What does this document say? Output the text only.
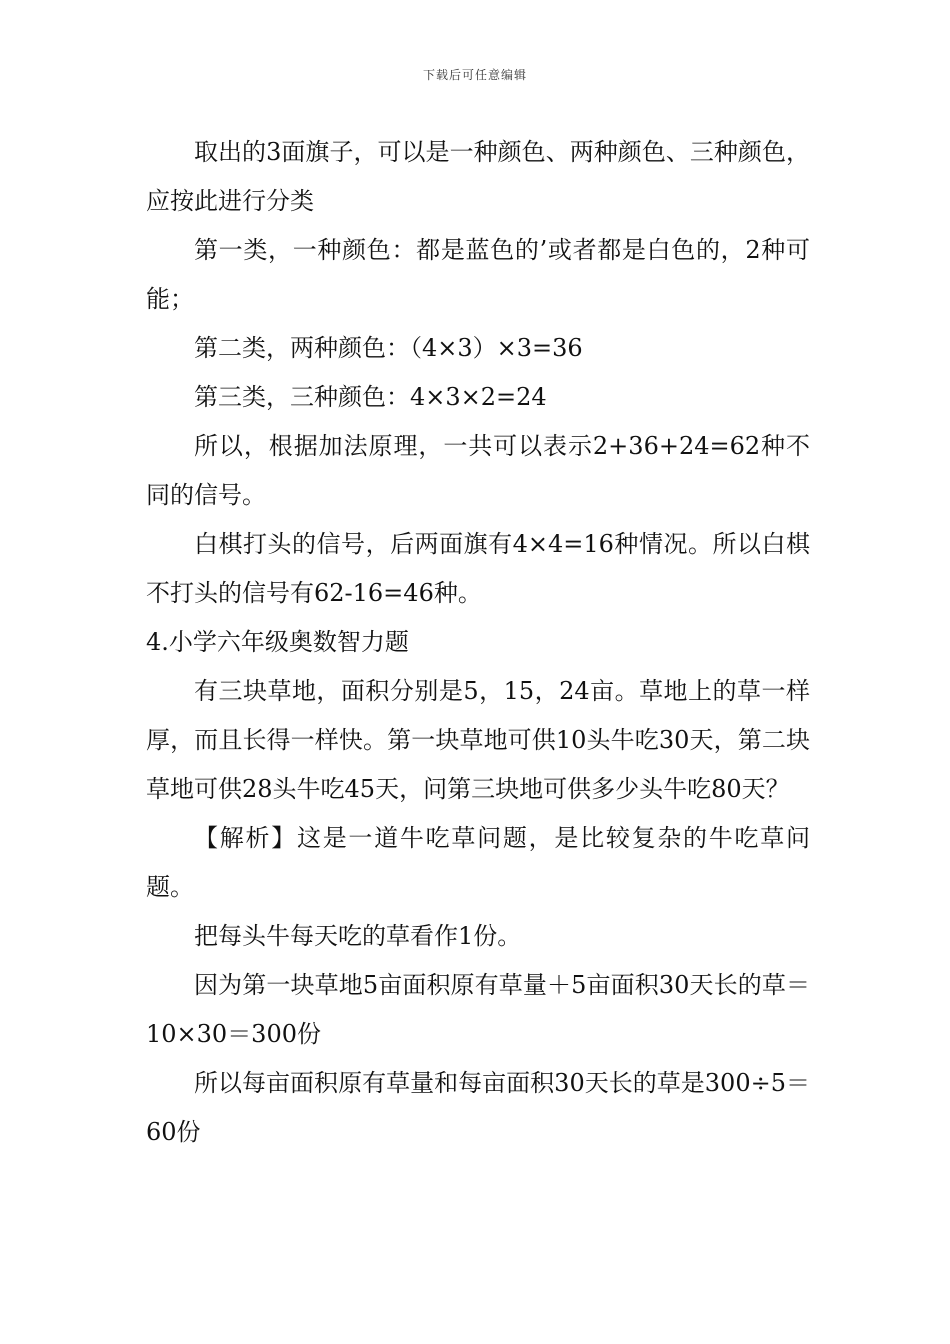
下载后可任意编辑

取出的3面旗子，可以是一种颜色、两种颜色、三种颜色，应按此进行分类

第一类，一种颜色：都是蓝色的’或者都是白色的，2种可能；

第二类，两种颜色：（4×3）×3=36

第三类，三种颜色：4×3×2=24

所以，根据加法原理，一共可以表示2+36+24=62种不同的信号。

白棋打头的信号，后两面旗有4×4=16种情况。所以白棋不打头的信号有62-16=46种。

4.小学六年级奥数智力题

有三块草地，面积分别是5，15，24亩。草地上的草一样厚，而且长得一样快。第一块草地可供10头牛吃30天，第二块草地可供28头牛吃45天，问第三块地可供多少头牛吃80天？

【解析】这是一道牛吃草问题，是比较复杂的牛吃草问题。

把每头牛每天吃的草看作1份。

因为第一块草地5亩面积原有草量＋5亩面积30天长的草＝10×30＝300份

所以每亩面积原有草量和每亩面积30天长的草是300÷5＝60份
